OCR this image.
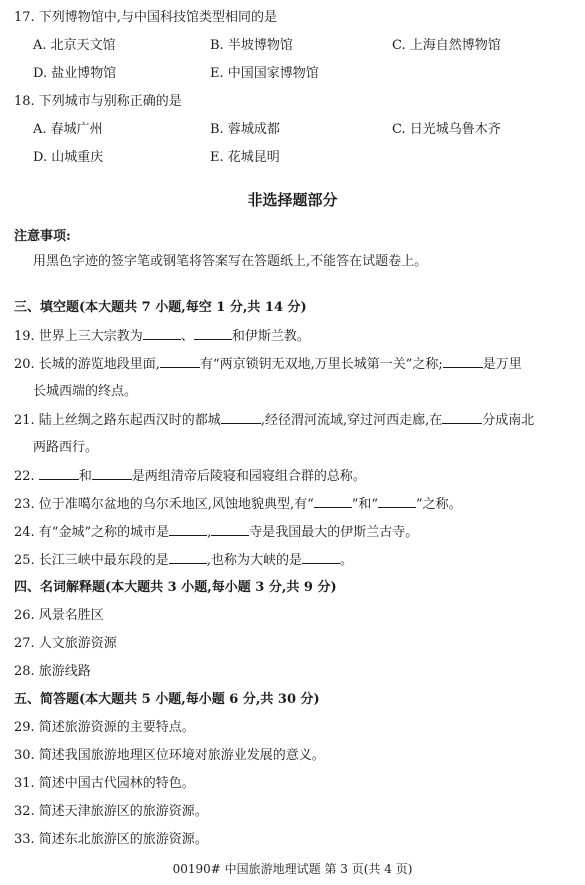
17. 下列博物馆中,与中国科技馆类型相同的是
A. 北京天文馆	B. 半坡博物馆	C. 上海自然博物馆
D. 盐业博物馆	E. 中国国家博物馆
18. 下列城市与别称正确的是
A. 春城广州	B. 蓉城成都	C. 日光城乌鲁木齐
D. 山城重庆	E. 花城昆明
非选择题部分
注意事项:
用黑色字迹的签字笔或钢笔将答案写在答题纸上,不能答在试题卷上。
三、填空题(本大题共 7 小题,每空 1 分,共 14 分)
19. 世界上三大宗教为	、	和伊斯兰教。
20. 长城的游览地段里面,	有“两京锁钥无双地,万里长城第一关”之称;	是万里
长城西端的终点。
21. 陆上丝绸之路东起西汉时的都城	,经径渭河流域,穿过河西走廊,在	分成南北
两路西行。
22.	和	是两组清帝后陵寝和园寝组合群的总称。
23. 位于准噶尔盆地的乌尔禾地区,风蚀地貌典型,有“	”和“	”之称。
24. 有“金城”之称的城市是	,	寺是我国最大的伊斯兰古寺。
25. 长江三峡中最东段的是	,也称为大峡的是	。
四、名词解释题(本大题共 3 小题,每小题 3 分,共 9 分)
26. 风景名胜区
27. 人文旅游资源
28. 旅游线路
五、简答题(本大题共 5 小题,每小题 6 分,共 30 分)
29. 简述旅游资源的主要特点。
30. 简述我国旅游地理区位环境对旅游业发展的意义。
31. 简述中国古代园林的特色。
32. 简述天津旅游区的旅游资源。
33. 简述东北旅游区的旅游资源。
00190# 中国旅游地理试题 第 3 页(共 4 页)
